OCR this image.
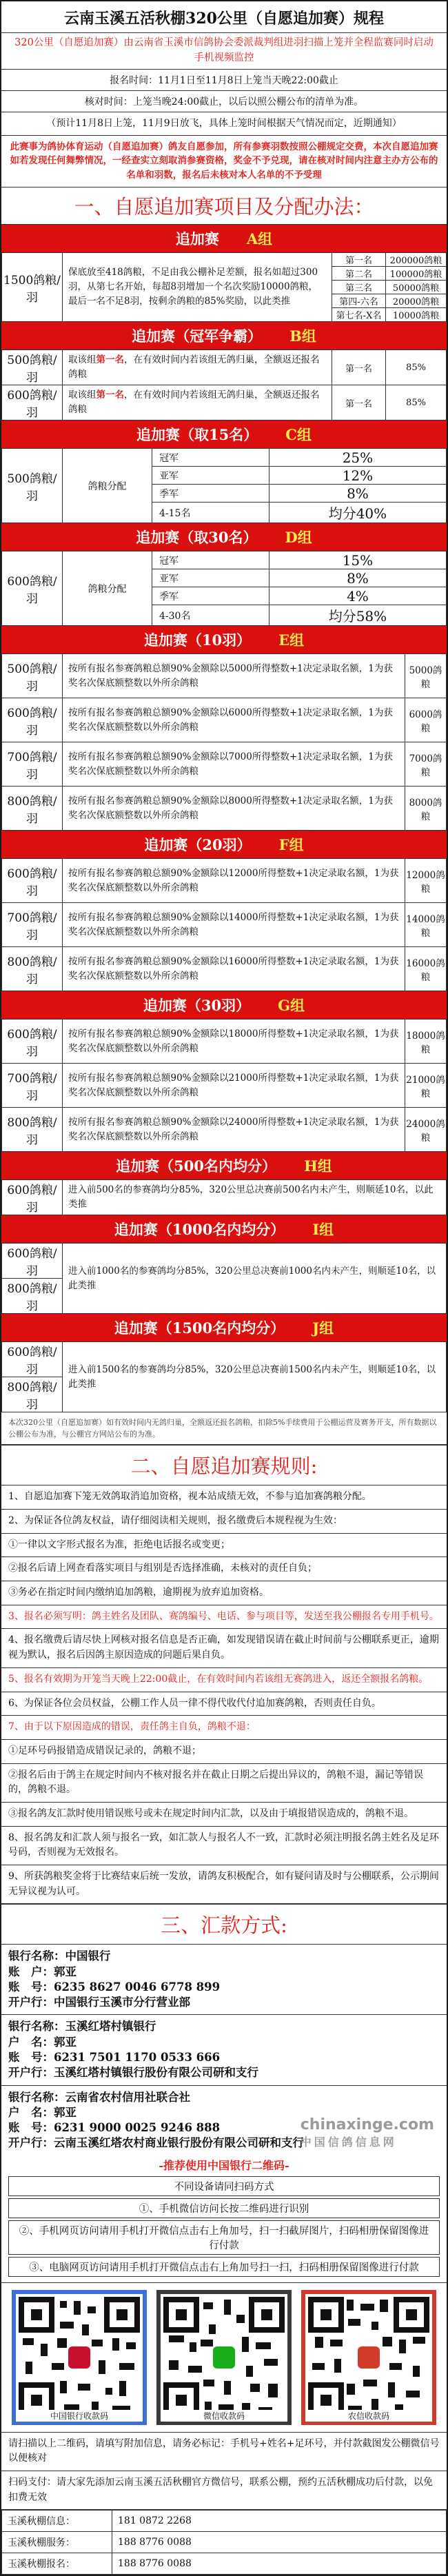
云南玉溪五活秋棚320公里（自愿追加赛）规程
320公里（自愿追加赛）由云南省玉溪市信鸽协会委派裁判组进羽扫描上笼并全程监赛同时启动手机视频监控
报名时间：11月1日至11月8日上笼当天晚22:00截止
核对时间：上笼当晚24:00截止，以后以照公棚公布的清单为准。
（预计11月8日上笼，11月9日放飞，具体上笼时间根据天气情况而定，近期通知）
此赛事为鸽协体育运动（自愿追加赛）鸽友自愿参加，所有参赛羽数按照公棚规定交费，本次自愿追加赛如若发现任何舞弊情况，一经查实立刻取消参赛资格，奖金不予兑现，请在核对时间内注意主办方公布的名单和羽数，报名后未核对本人名单的不予受理
一、自愿追加赛项目及分配办法：
追加赛 A组
1500鸽粮/羽	保底放至418鸽粮，不足由我公棚补足差额，报名如超过300羽，从第七名开始，每超8羽增加一个名次奖励10000鸽粮，最后一名不足8羽，按剩余鸽粮的85%奖励，以此类推	第一名	200000鸽粮
		第二名	100000鸽粮
		第三名	50000鸽粮
		第四-六名	20000鸽粮
		第七名-X名	10000鸽粮
追加赛（冠军争霸） B组
500鸽粮/羽	取该组第一名，在有效时间内若该组无鸽归巢，全额返还报名鸽粮	第一名	85%
600鸽粮/羽	取该组第一名，在有效时间内若该组无鸽归巢，全额返还报名鸽粮	第一名	85%
追加赛（取15名） C组
500鸽粮/羽	鸽粮分配	冠军	25%
		亚军	12%
		季军	8%
		4-15名	均分40%
追加赛（取30名） D组
600鸽粮/羽	鸽粮分配	冠军	15%
		亚军	8%
		季军	4%
		4-30名	均分58%
追加赛（10羽） E组
500鸽粮/羽	按所有报名参赛鸽粮总额90%金额除以5000所得整数+1决定录取名额，1为获奖名次保底额整数以外所余鸽粮	5000鸽粮
600鸽粮/羽	按所有报名参赛鸽粮总额90%金额除以6000所得整数+1决定录取名额，1为获奖名次保底额整数以外所余鸽粮	6000鸽粮
700鸽粮/羽	按所有报名参赛鸽粮总额90%金额除以7000所得整数+1决定录取名额，1为获奖名次保底额整数以外所余鸽粮	7000鸽粮
800鸽粮/羽	按所有报名参赛鸽粮总额90%金额除以8000所得整数+1决定录取名额，1为获奖名次保底额整数以外所余鸽粮	8000鸽粮
追加赛（20羽） F组
600鸽粮/羽	按所有报名参赛鸽粮总额90%金额除以12000所得整数+1决定录取名额，1为获奖名次保底额整数以外所余鸽粮	12000鸽粮
700鸽粮/羽	按所有报名参赛鸽粮总额90%金额除以14000所得整数+1决定录取名额，1为获奖名次保底额整数以外所余鸽粮	14000鸽粮
800鸽粮/羽	按所有报名参赛鸽粮总额90%金额除以16000所得整数+1决定录取名额，1为获奖名次保底额整数以外所余鸽粮	16000鸽粮
追加赛（30羽） G组
600鸽粮/羽	按所有报名参赛鸽粮总额90%金额除以18000所得整数+1决定录取名额，1为获奖名次保底额整数以外所余鸽粮	18000鸽粮
700鸽粮/羽	按所有报名参赛鸽粮总额90%金额除以21000所得整数+1决定录取名额，1为获奖名次保底额整数以外所余鸽粮	21000鸽粮
800鸽粮/羽	按所有报名参赛鸽粮总额90%金额除以24000所得整数+1决定录取名额，1为获奖名次保底额整数以外所余鸽粮	24000鸽粮
追加赛（500名内均分） H组
600鸽粮/羽	进入前500名的参赛鸽均分85%，320公里总决赛前500名内未产生，则顺延10名，以此类推
追加赛（1000名内均分） I组
600鸽粮/羽	进入前1000名的参赛鸽均分85%，320公里总决赛前1000名内未产生，则顺延10名，以此类推
800鸽粮/羽
追加赛（1500名内均分） J组
600鸽粮/羽	进入前1500名的参赛鸽均分85%，320公里总决赛前1500名内未产生，则顺延10名，以此类推
800鸽粮/羽
本次320公里（自愿追加赛）如有效时间内无鸽归巢，全额返还报名鸽粮，扣除5%手续费用于公棚运营及赛务开支，所有数据以公棚公布为准，与公棚官方网站公布的为准。
二、自愿追加赛规则:
1、自愿追加赛下笼无效鸽取消追加资格，视本站成绩无效，不参与追加赛鸽粮分配。
2、为保证各位鸽友权益，请仔细阅读相关规则，报名缴费后本规程视为生效：
①一律以文字形式报名为准，拒绝电话报名或变更；
②报名后请上网查看落实项目与组别是否选择准确，未核对的责任自负；
③务必在指定时间内缴纳追加鸽粮，逾期视为放弃追加资格。
3、报名必须写明：鸽主姓名及团队、赛鸽编号、电话、参与项目等，发送至我公棚报名专用手机号。
4、报名缴费后请尽快上网核对报名信息是否正确，如发现错误请在截止时间前与公棚联系更正，逾期视为默认，报名后因鸽主原因造成的问题后果自负。
5、报名有效期为开笼当天晚上22:00截止，在有效时间内若该组无赛鸽进入，返还全额报名鸽粮。
6、为保证各位会员权益，公棚工作人员一律不得代收代付追加赛鸽粮，否则责任自负。
7、由于以下原因造成的错误，责任鸽主自负，鸽粮不退：
①足环号码报错造成错误记录的，鸽粮不退；
②报名后由于鸽主在规定时间内不核对报名并在截止日期之后提出异议的，鸽粮不退，漏记等错误的，鸽粮不退。
③报名鸽友汇款时使用错误账号或未在规定时间内汇款，以及由于填报错误造成的，鸽粮不退。
8、报名鸽友和汇款人须与报名一致，如汇款人与报名人不一致，汇款时必须注明报名鸽主姓名及足环号码，否则视为无效报名。
9、所获鸽粮奖金将于比赛结束后统一发放，请鸽友积极配合，如有疑问请及时与公棚联系，公示期间无异议视为认可。
三、汇款方式:
银行名称：中国银行
账　户：郭亚
账　号：6235 8627 0046 6778 899
开户行：中国银行玉溪市分行营业部
银行名称：玉溪红塔村镇银行
户　名：郭亚
账　号：6231 7501 1170 0533 666
开户行：玉溪红塔村镇银行股份有限公司研和支行
银行名称：云南省农村信用社联合社
户　名：郭亚
账　号：6231 9000 0025 9246 888
开户行：云南玉溪红塔农村商业银行股份有限公司研和支行
-推荐使用中国银行二维码-
不同设备请同扫码方式
①、手机微信访问长按二维码进行识别
②、手机网页访问请用手机打开微信点击右上角加号，扫一扫截屏图片，扫码相册保留图像进行付款
③、电脑网页访问请用手机打开微信点击右上角加号扫一扫，扫码相册保留图像进行付款
中国银行收款码	微信收款码	农信收款码
请扫描以上二维码，请填写附加信息，请务必标记：手机号+姓名+足环号，并付款截图发公棚微信号以便核对
扫码支付：请大家先添加云南玉溪五活秋棚官方微信号，联系公棚，预约五活秋棚成功后付款，以免扣费无效
玉溪秋棚信息：	181 0872 2268
玉溪秋棚服务：	188 8776 0088
玉溪秋棚报名：	188 8776 0088
chinaxinge.com
中国信鸽信息网
